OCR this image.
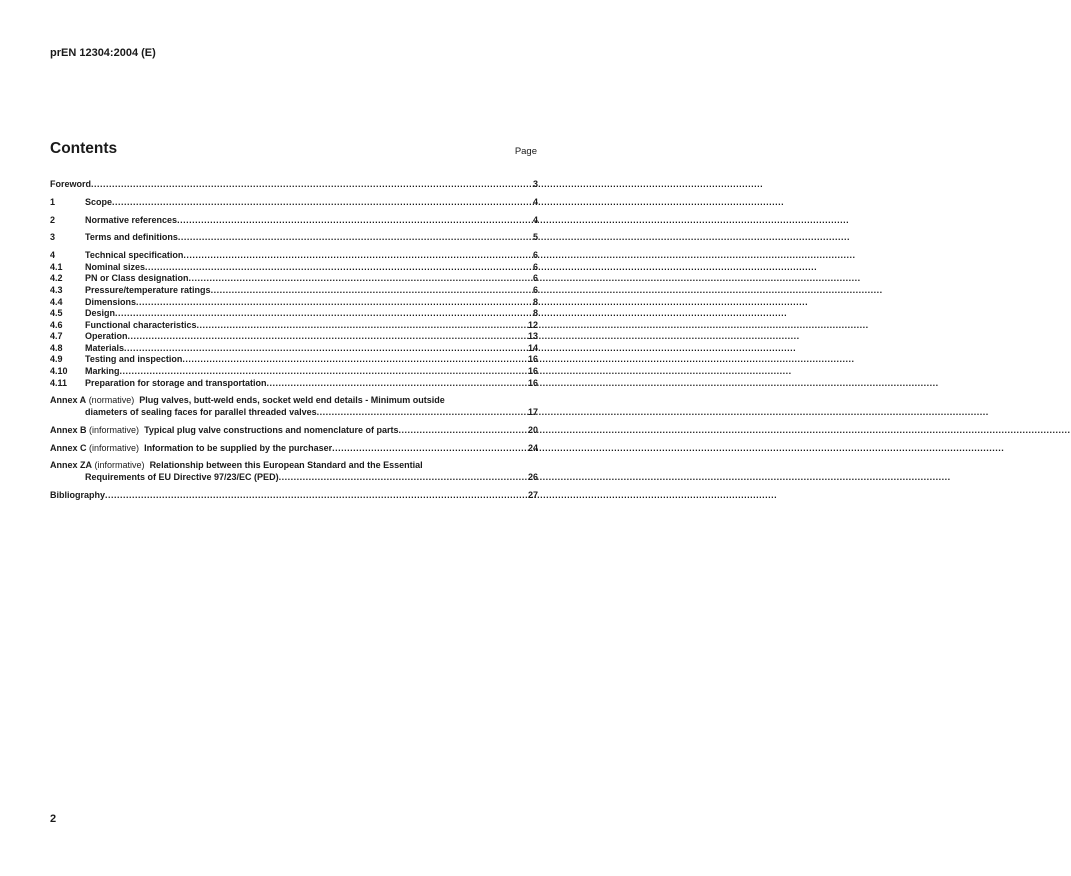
prEN 12304:2004 (E)
Contents	Page
Foreword .....	3
1	Scope .....	4
2	Normative references .....	4
3	Terms and definitions .....	5
4	Technical specification .....	6
4.1	Nominal sizes .....	6
4.2	PN or Class designation .....	6
4.3	Pressure/temperature ratings .....	6
4.4	Dimensions .....	8
4.5	Design .....	8
4.6	Functional characteristics .....	12
4.7	Operation .....	13
4.8	Materials .....	14
4.9	Testing and inspection .....	16
4.10	Marking .....	16
4.11	Preparation for storage and transportation .....	16
Annex A
(normative)
Plug valves, butt-weld ends, socket weld end details - Minimum outside
diameters of sealing faces for parallel threaded valves .....	17
Annex B (informative) Typical plug valve constructions and nomenclature of parts .....	20
Annex C (informative) Information to be supplied by the purchaser .....	24
Annex ZA
(informative)
Relationship between this European Standard and the Essential
Requirements of EU Directive 97/23/EC (PED) .....	26
Bibliography .....	27
2
